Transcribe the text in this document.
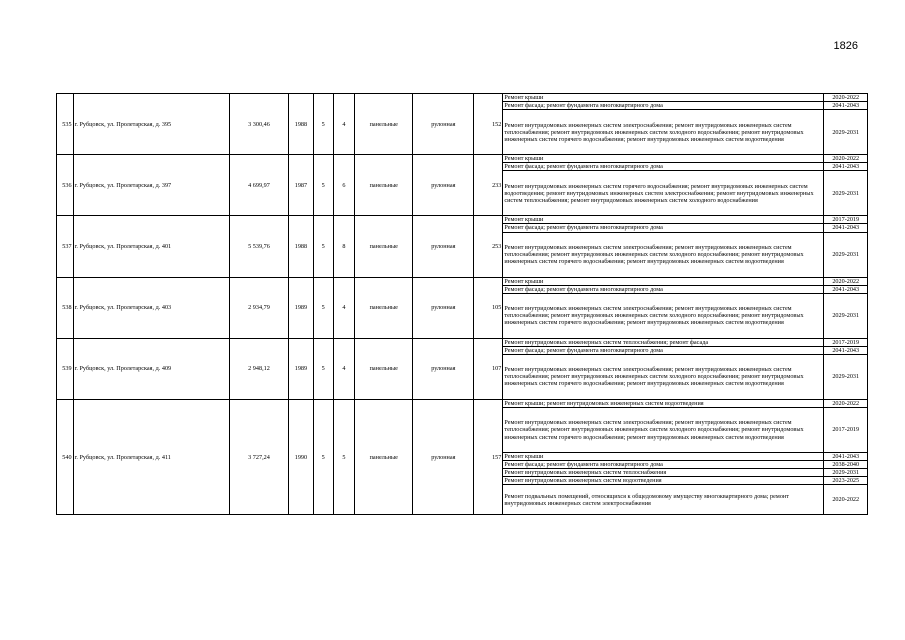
1826
535	г. Рубцовск, ул. Пролетарская, д. 395	3 300,46	1988	5	4	панельные	рулонная	152	Ремонт крыши	2020-2022
									Ремонт фасада; ремонт фундамента многоквартирного дома	2041-2043
									Ремонт внутридомовых инженерных систем электроснабжения; ремонт внутридомовых инженерных систем теплоснабжения; ремонт внутридомовых инженерных систем холодного водоснабжения; ремонт внутридомовых инженерных систем горячего водоснабжения; ремонт внутридомовых инженерных систем водоотведения	2029-2031
536	г. Рубцовск, ул. Пролетарская, д. 397	4 699,97	1987	5	6	панельные	рулонная	233	Ремонт крыши	2020-2022
									Ремонт фасада; ремонт фундамента многоквартирного дома	2041-2043
									Ремонт внутридомовых инженерных систем горячего водоснабжения; ремонт внутридомовых инженерных систем водоотведения; ремонт внутридомовых инженерных систем электроснабжения; ремонт внутридомовых инженерных систем теплоснабжения; ремонт внутридомовых инженерных систем холодного водоснабжения	2029-2031
537	г. Рубцовск, ул. Пролетарская, д. 401	5 539,76	1988	5	8	панельные	рулонная	253	Ремонт крыши	2017-2019
									Ремонт фасада; ремонт фундамента многоквартирного дома	2041-2043
									Ремонт внутридомовых инженерных систем электроснабжения; ремонт внутридомовых инженерных систем теплоснабжения; ремонт внутридомовых инженерных систем холодного водоснабжения; ремонт внутридомовых инженерных систем горячего водоснабжения; ремонт внутридомовых инженерных систем водоотведения	2029-2031
538	г. Рубцовск, ул. Пролетарская, д. 403	2 934,79	1989	5	4	панельные	рулонная	105	Ремонт крыши	2020-2022
									Ремонт фасада; ремонт фундамента многоквартирного дома	2041-2043
									Ремонт внутридомовых инженерных систем электроснабжения; ремонт внутридомовых инженерных систем теплоснабжения; ремонт внутридомовых инженерных систем холодного водоснабжения; ремонт внутридомовых инженерных систем горячего водоснабжения; ремонт внутридомовых инженерных систем водоотведения	2029-2031
539	г. Рубцовск, ул. Пролетарская, д. 409	2 948,12	1989	5	4	панельные	рулонная	107	Ремонт внутридомовых инженерных систем теплоснабжения; ремонт фасада	2017-2019
									Ремонт фасада; ремонт фундамента многоквартирного дома	2041-2043
									Ремонт внутридомовых инженерных систем электроснабжения; ремонт внутридомовых инженерных систем теплоснабжения; ремонт внутридомовых инженерных систем холодного водоснабжения; ремонт внутридомовых инженерных систем горячего водоснабжения; ремонт внутридомовых инженерных систем водоотведения	2029-2031
540	г. Рубцовск, ул. Пролетарская, д. 411	3 727,24	1990	5	5	панельные	рулонная	157	Ремонт крыши; ремонт внутридомовых инженерных систем водоотведения	2020-2022
									Ремонт внутридомовых инженерных систем электроснабжения; ремонт внутридомовых инженерных систем теплоснабжения; ремонт внутридомовых инженерных систем холодного водоснабжения; ремонт внутридомовых инженерных систем горячего водоснабжения; ремонт внутридомовых инженерных систем водоотведения	2017-2019
									Ремонт крыши	2041-2043
									Ремонт фасада; ремонт фундамента многоквартирного дома	2038-2040
									Ремонт внутридомовых инженерных систем теплоснабжения	2029-2031
									Ремонт внутридомовых инженерных систем водоотведения	2023-2025
									Ремонт подвальных помещений, относящихся к общедомовому имуществу многоквартирного дома; ремонт внутридомовых инженерных систем электроснабжения	2020-2022
